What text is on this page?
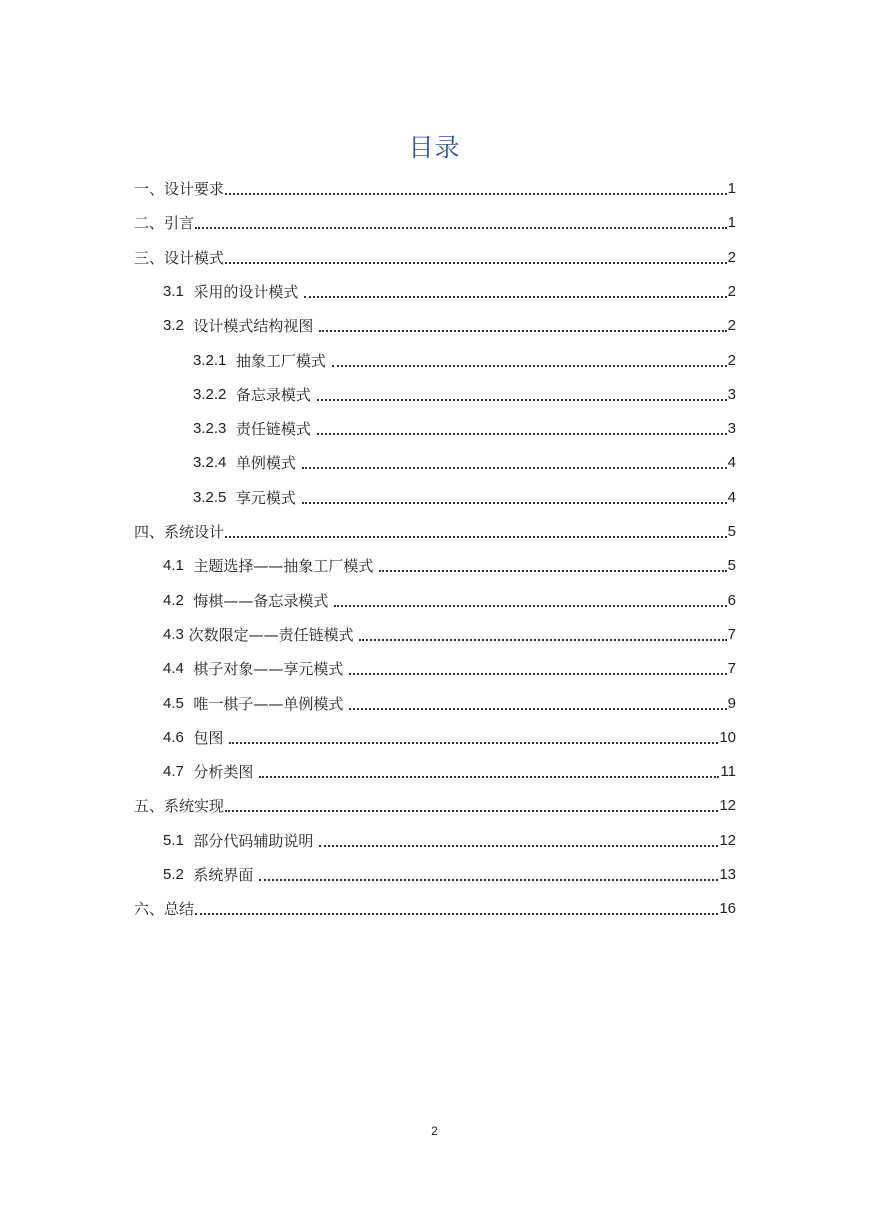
目录
一、设计要求	1
二、引言	1
三、设计模式	2
3.1 采用的设计模式	2
3.2 设计模式结构视图	2
3.2.1 抽象工厂模式	2
3.2.2 备忘录模式	3
3.2.3 责任链模式	3
3.2.4 单例模式	4
3.2.5 享元模式	4
四、系统设计	5
4.1 主题选择——抽象工厂模式	5
4.2 悔棋——备忘录模式	6
4.3 次数限定——责任链模式	7
4.4 棋子对象——享元模式	7
4.5 唯一棋子——单例模式	9
4.6 包图	10
4.7 分析类图	11
五、系统实现	12
5.1 部分代码辅助说明	12
5.2 系统界面	13
六、总结	16
2
